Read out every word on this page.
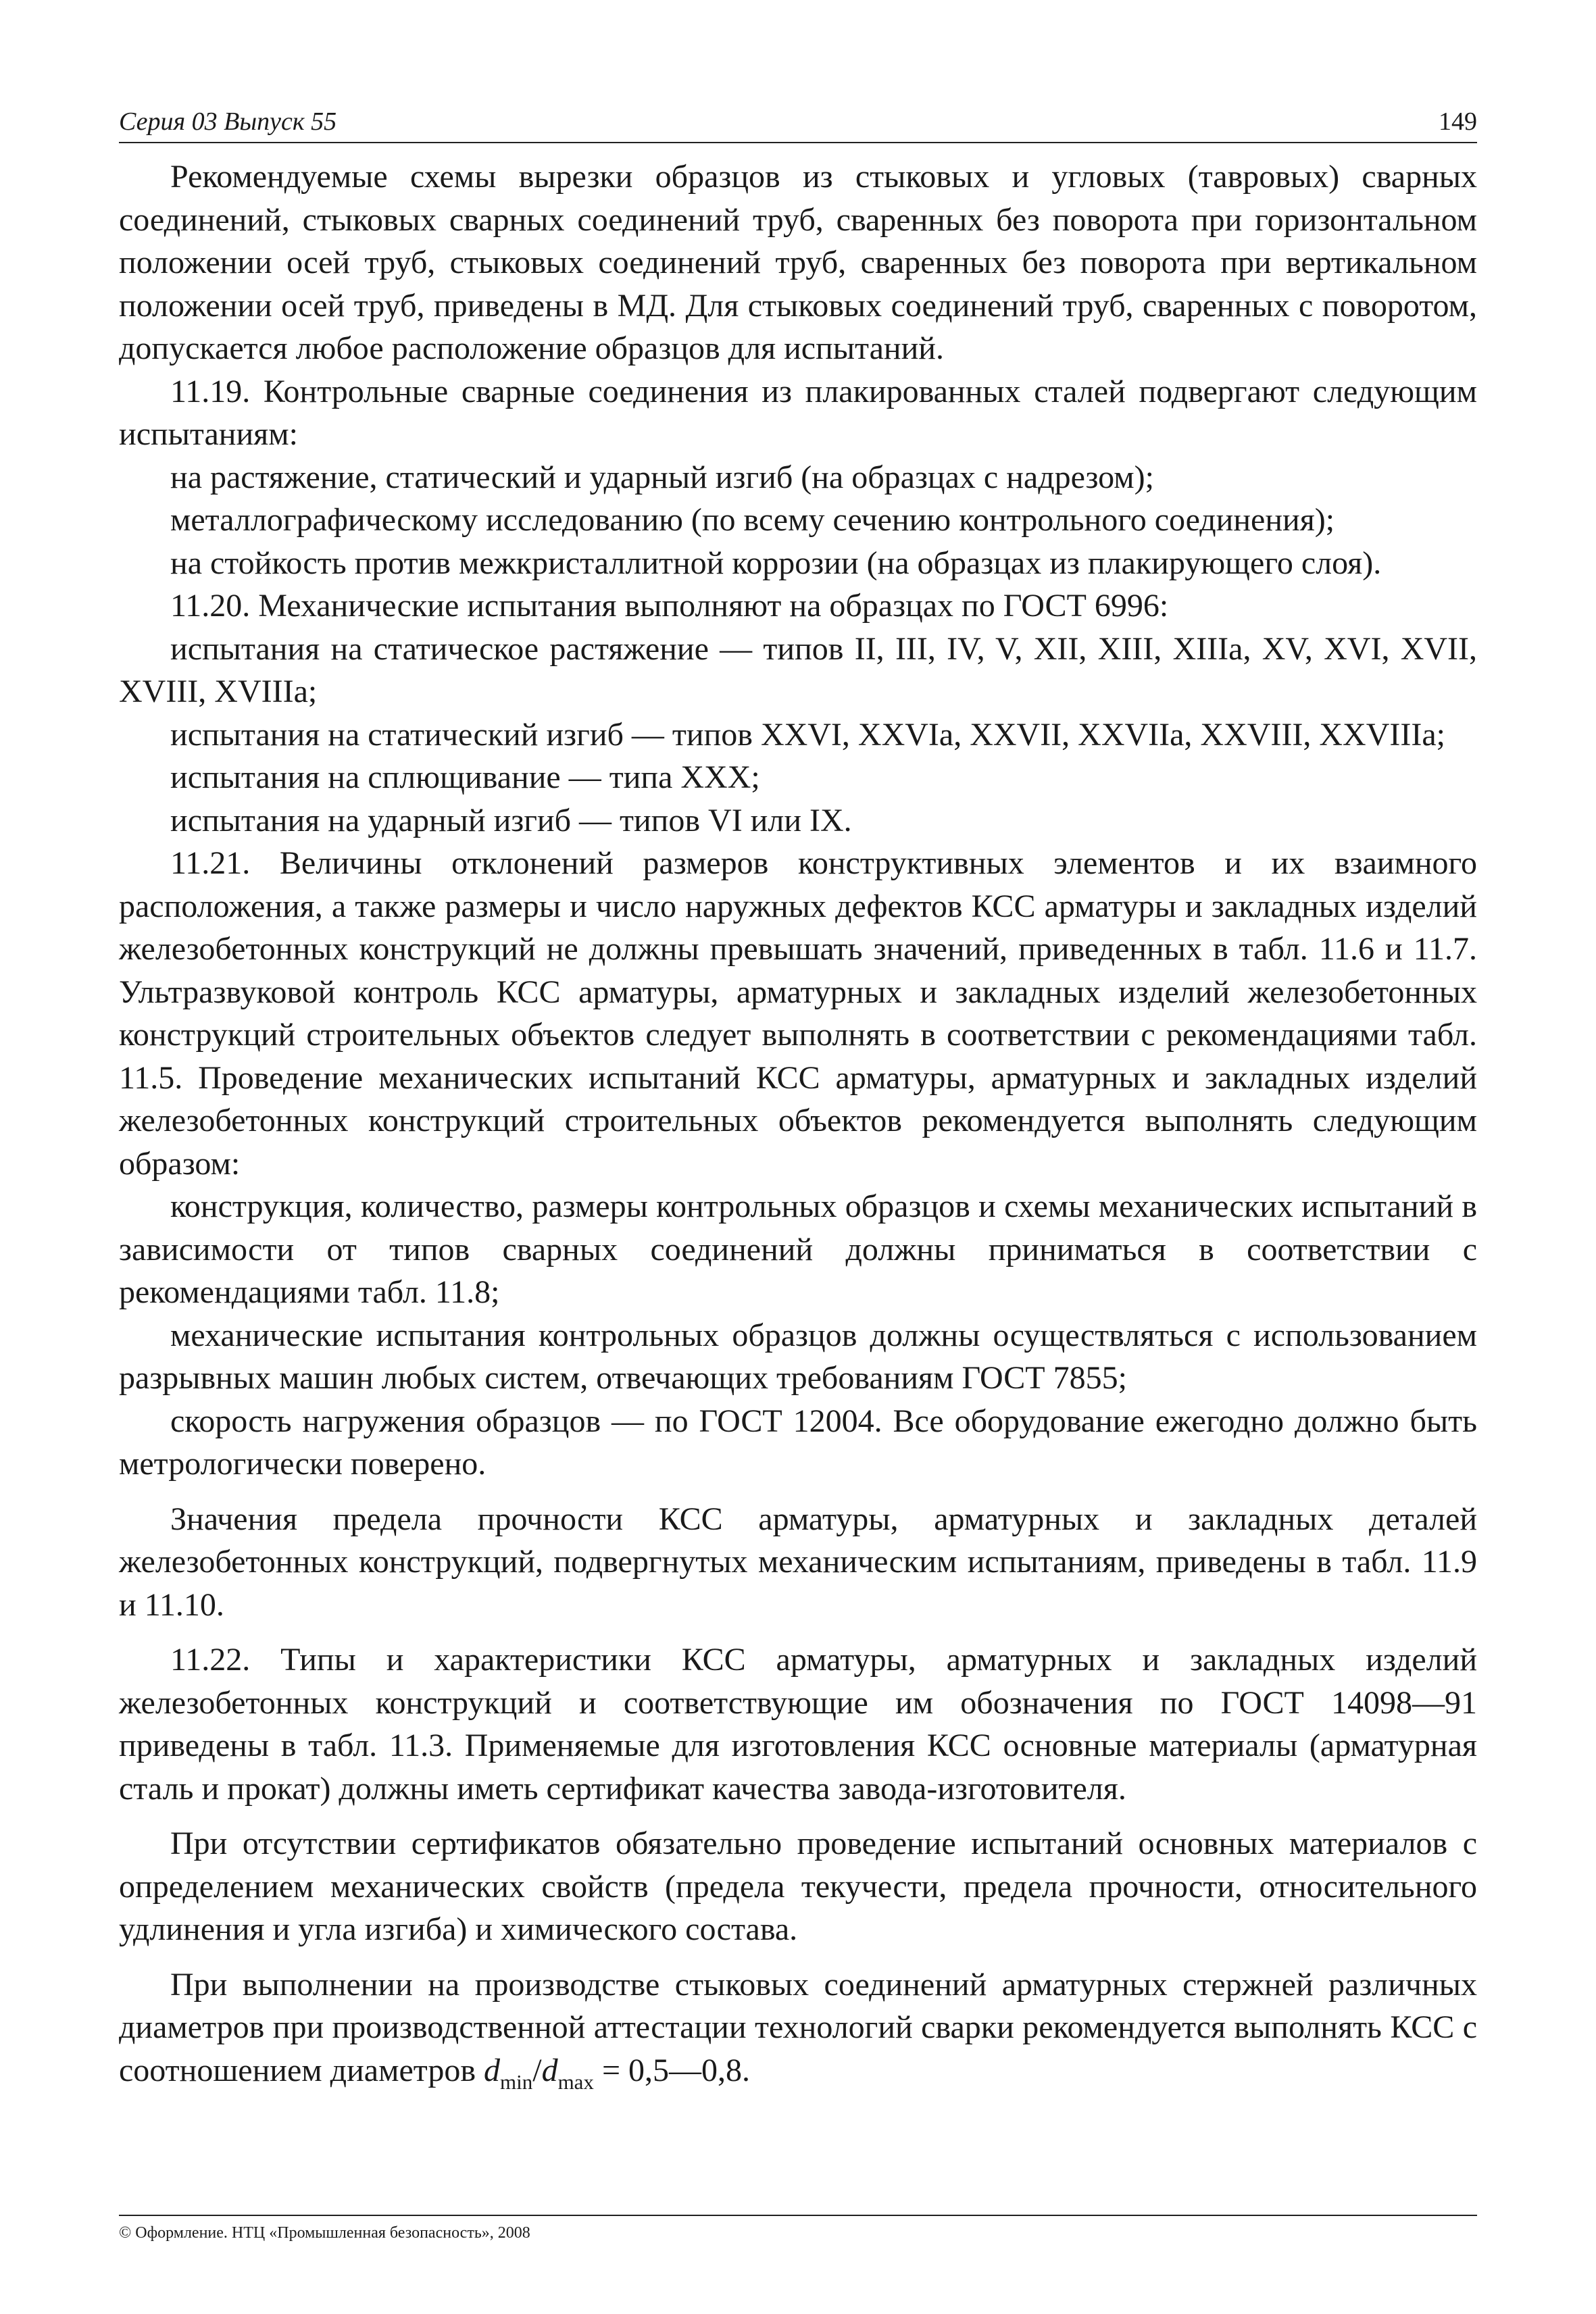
Серия 03 Выпуск 55	149

Рекомендуемые схемы вырезки образцов из стыковых и угловых (тавровых) сварных соединений, стыковых сварных соединений труб, сваренных без поворота при горизонтальном положении осей труб, стыковых соединений труб, сваренных без поворота при вертикальном положении осей труб, приведены в МД. Для стыковых соединений труб, сваренных с поворотом, допускается любое расположение образцов для испытаний.

11.19. Контрольные сварные соединения из плакированных сталей подвергают следующим испытаниям:

на растяжение, статический и ударный изгиб (на образцах с надрезом);

металлографическому исследованию (по всему сечению контрольного соединения);

на стойкость против межкристаллитной коррозии (на образцах из плакирующего слоя).

11.20. Механические испытания выполняют на образцах по ГОСТ 6996:

испытания на статическое растяжение — типов II, III, IV, V, XII, XIII, XIIIa, XV, XVI, XVII, XVIII, XVIIIa;

испытания на статический изгиб — типов XXVI, XXVIa, XXVII, XXVIIa, XXVIII, XXVIIIa;

испытания на сплющивание — типа XXX;

испытания на ударный изгиб — типов VI или IX.

11.21. Величины отклонений размеров конструктивных элементов и их взаимного расположения, а также размеры и число наружных дефектов КСС арматуры и закладных изделий железобетонных конструкций не должны превышать значений, приведенных в табл. 11.6 и 11.7. Ультразвуковой контроль КСС арматуры, арматурных и закладных изделий железобетонных конструкций строительных объектов следует выполнять в соответствии с рекомендациями табл. 11.5. Проведение механических испытаний КСС арматуры, арматурных и закладных изделий железобетонных конструкций строительных объектов рекомендуется выполнять следующим образом:

конструкция, количество, размеры контрольных образцов и схемы механических испытаний в зависимости от типов сварных соединений должны приниматься в соответствии с рекомендациями табл. 11.8;

механические испытания контрольных образцов должны осуществляться с использованием разрывных машин любых систем, отвечающих требованиям ГОСТ 7855;

скорость нагружения образцов — по ГОСТ 12004. Все оборудование ежегодно должно быть метрологически поверено.

Значения предела прочности КСС арматуры, арматурных и закладных деталей железобетонных конструкций, подвергнутых механическим испытаниям, приведены в табл. 11.9 и 11.10.

11.22. Типы и характеристики КСС арматуры, арматурных и закладных изделий железобетонных конструкций и соответствующие им обозначения по ГОСТ 14098—91 приведены в табл. 11.3. Применяемые для изготовления КСС основные материалы (арматурная сталь и прокат) должны иметь сертификат качества завода-изготовителя.

При отсутствии сертификатов обязательно проведение испытаний основных материалов с определением механических свойств (предела текучести, предела прочности, относительного удлинения и угла изгиба) и химического состава.

При выполнении на производстве стыковых соединений арматурных стержней различных диаметров при производственной аттестации технологий сварки рекомендуется выполнять КСС с соотношением диаметров $d_{min}/d_{max}$ = 0,5—0,8.

© Оформление. НТЦ «Промышленная безопасность», 2008
